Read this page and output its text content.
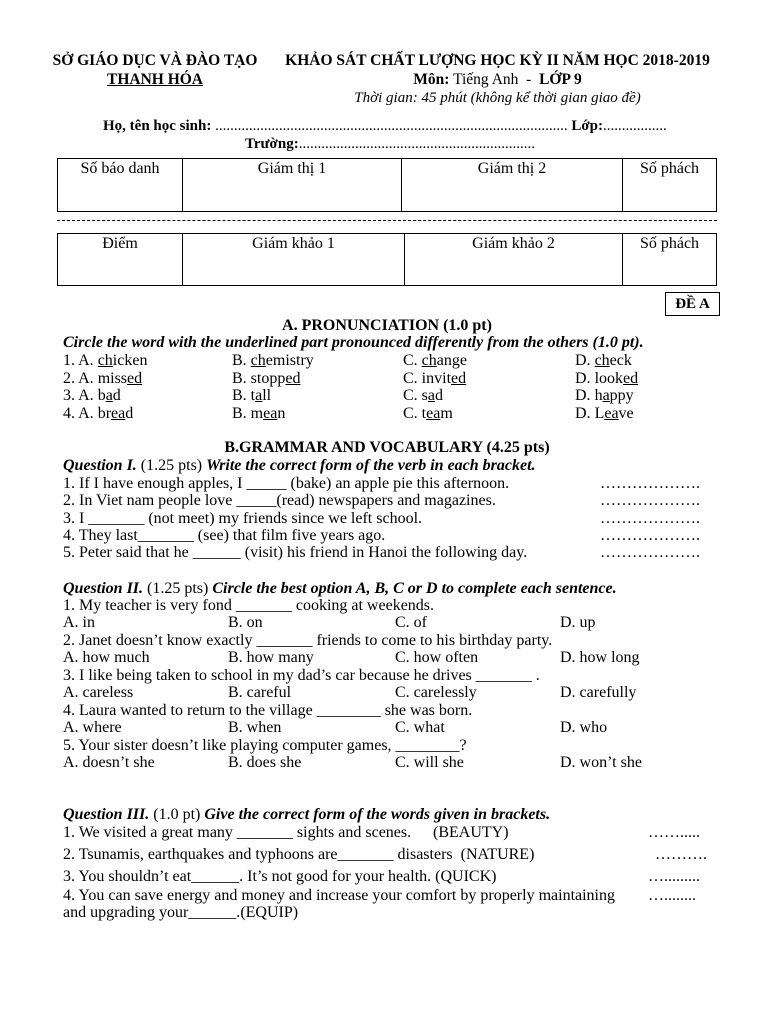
SỞ GIÁO DỤC VÀ ĐÀO TẠO
THANH HÓA
KHẢO SÁT CHẤT LƯỢNG HỌC KỲ II NĂM HỌC 2018-2019
Môn: Tiếng Anh - LỚP 9
Thời gian: 45 phút (không kể thời gian giao đề)
Họ, tên học sinh: .............................................................................................. Lớp:.................
Trường:...............................................................
Số báo danh	Giám thị 1	Giám thị 2	Số phách
Điểm	Giám khảo 1	Giám khảo 2	Số phách
ĐỀ A
A. PRONUNCIATION (1.0 pt)
Circle the word with the underlined part pronounced differently from the others (1.0 pt).
1. A. chicken	B. chemistry	C. change	D. check
2. A. missed	B. stopped	C. invited	D. looked
3. A. bad	B. tall	C. sad	D. happy
4. A. bread	B. mean	C. team	D. Leave
B.GRAMMAR AND VOCABULARY (4.25 pts)
Question I. (1.25 pts) Write the correct form of the verb in each bracket.
1. If I have enough apples, I _____ (bake) an apple pie this afternoon.	……………….
2. In Viet nam people love _____(read) newspapers and magazines.	……………….
3. I _______ (not meet) my friends since we left school.	……………….
4. They last_______ (see) that film five years ago.	……………….
5. Peter said that he ______ (visit) his friend in Hanoi the following day.	……………….
Question II. (1.25 pts) Circle the best option A, B, C or D to complete each sentence.
1. My teacher is very fond _______ cooking at weekends.
A. in	B. on	C. of	D. up
2. Janet doesn’t know exactly _______ friends to come to his birthday party.
A. how much	B. how many	C. how often	D. how long
3. I like being taken to school in my dad’s car because he drives _______ .
A. careless	B. careful	C. carelessly	D. carefully
4. Laura wanted to return to the village ________ she was born.
A. where	B. when	C. what	D. who
5. Your sister doesn’t like playing computer games, ________?
A. doesn’t she	B. does she	C. will she	D. won’t she
Question III. (1.0 pt) Give the correct form of the words given in brackets.
1. We visited a great many _______ sights and scenes. (BEAUTY)	…….....
2. Tsunamis, earthquakes and typhoons are_______ disasters (NATURE)	……….
3. You shouldn’t eat______. It’s not good for your health. (QUICK)	….........
4. You can save energy and money and increase your comfort by properly maintaining …........
and upgrading your______.(EQUIP)
